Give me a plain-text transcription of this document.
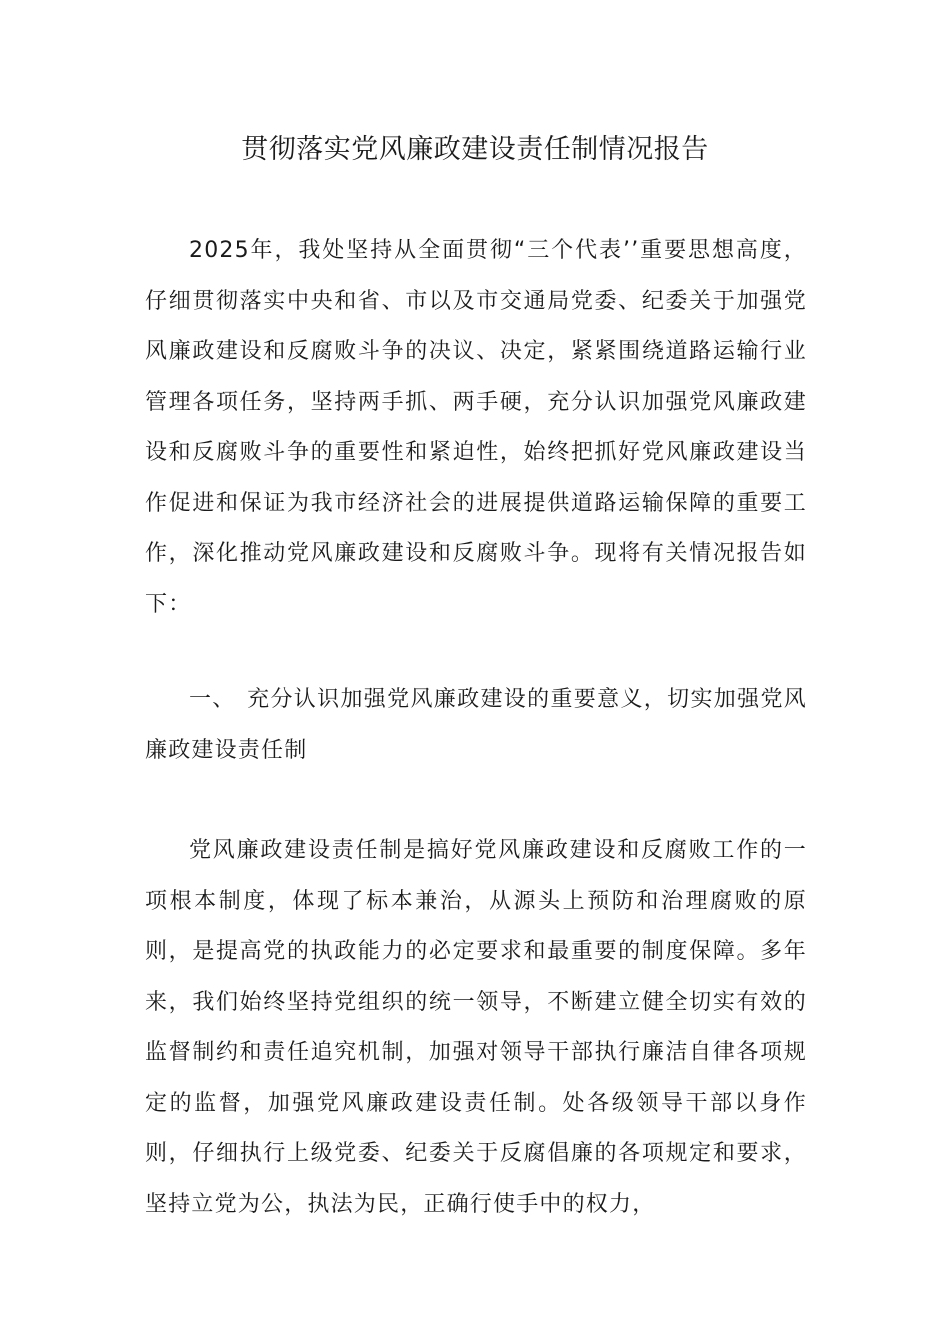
贯彻落实党风廉政建设责任制情况报告

2025年，我处坚持从全面贯彻“三个代表’’重要思想高度，仔细贯彻落实中央和省、市以及市交通局党委、纪委关于加强党风廉政建设和反腐败斗争的决议、决定，紧紧围绕道路运输行业管理各项任务，坚持两手抓、两手硬，充分认识加强党风廉政建设和反腐败斗争的重要性和紧迫性，始终把抓好党风廉政建设当作促进和保证为我市经济社会的进展提供道路运输保障的重要工作，深化推动党风廉政建设和反腐败斗争。现将有关情况报告如下：

一、 充分认识加强党风廉政建设的重要意义，切实加强党风廉政建设责任制

党风廉政建设责任制是搞好党风廉政建设和反腐败工作的一项根本制度，体现了标本兼治，从源头上预防和治理腐败的原则，是提高党的执政能力的必定要求和最重要的制度保障。多年来，我们始终坚持党组织的统一领导，不断建立健全切实有效的监督制约和责任追究机制，加强对领导干部执行廉洁自律各项规定的监督，加强党风廉政建设责任制。处各级领导干部以身作则，仔细执行上级党委、纪委关于反腐倡廉的各项规定和要求，坚持立党为公，执法为民，正确行使手中的权力，
